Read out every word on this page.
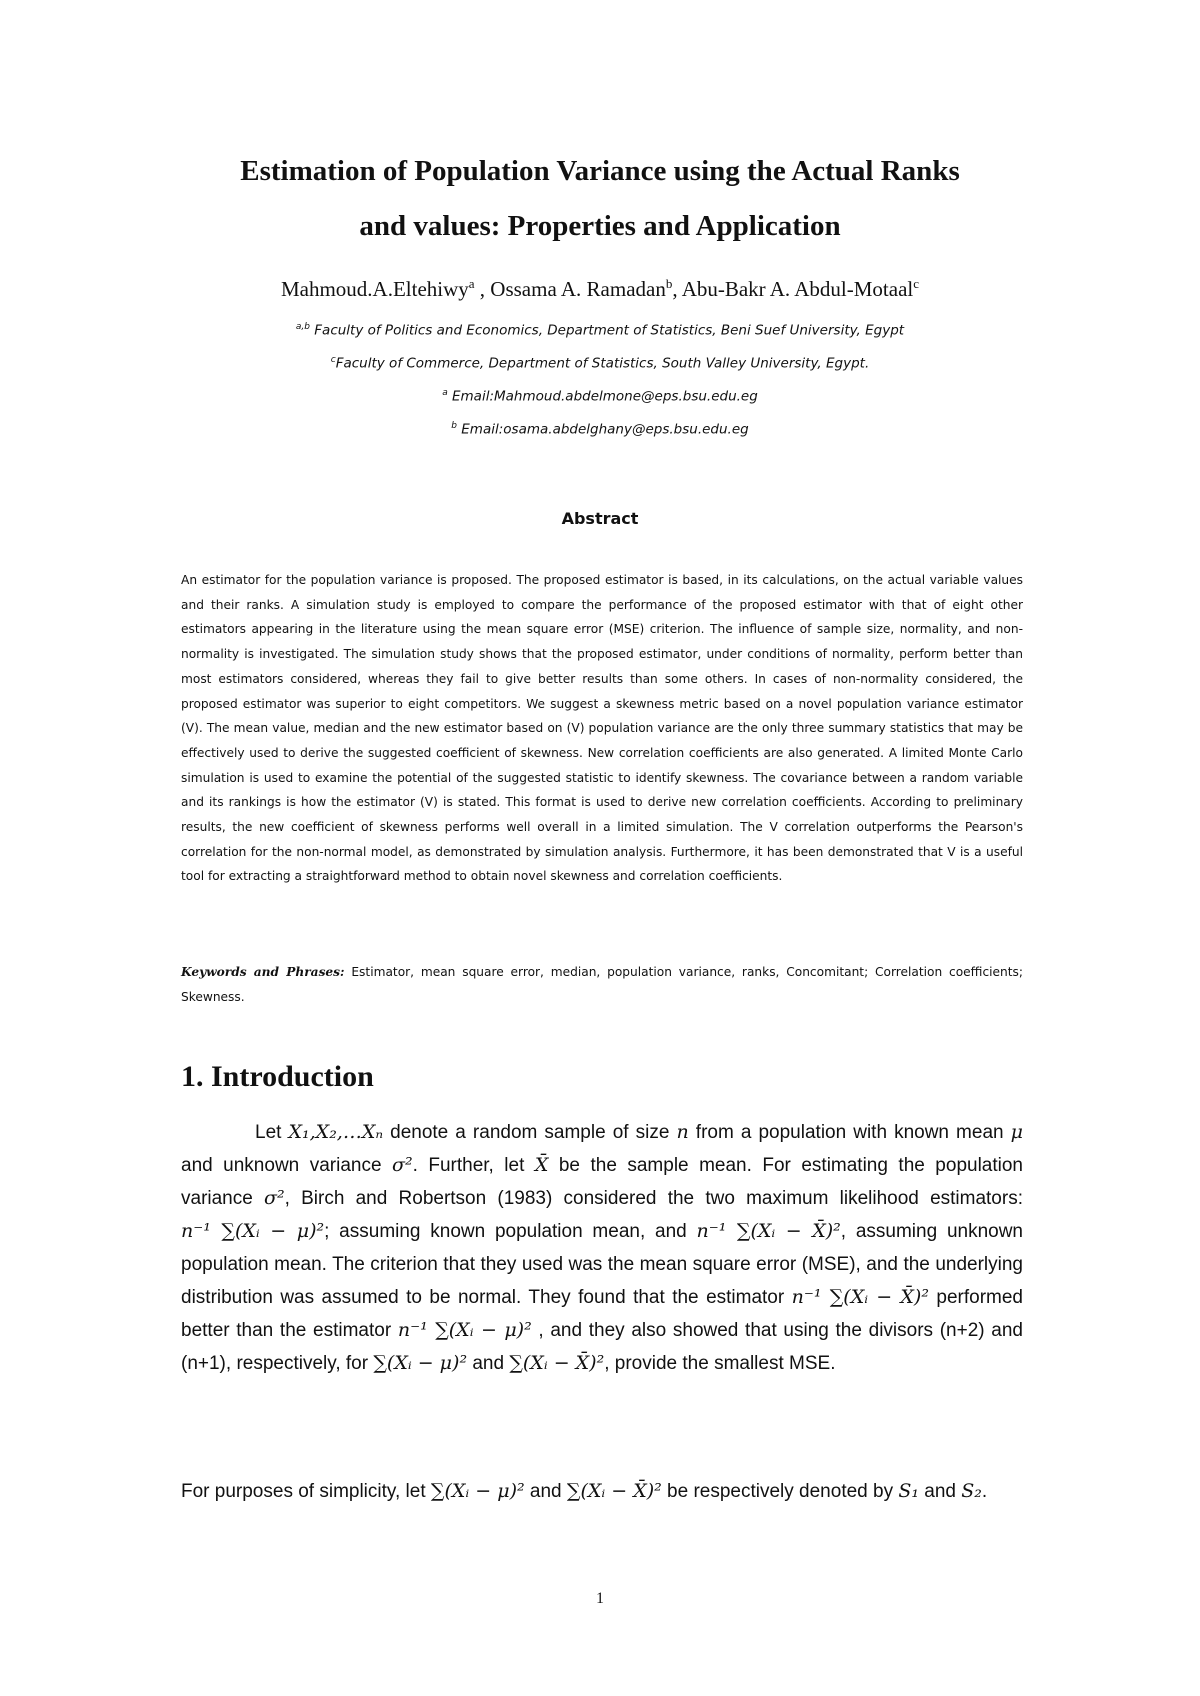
Estimation of Population Variance using the Actual Ranks
and values: Properties and Application

Mahmoud.A.Eltehiwy$^a$ , Ossama A. Ramadan$^b$, Abu-Bakr A. Abdul-Motaal$^c$

$^{a,b}$ Faculty of Politics and Economics, Department of Statistics, Beni Suef University, Egypt

$^c$Faculty of Commerce, Department of Statistics, South Valley University, Egypt.

$^a$ Email:Mahmoud.abdelmone@eps.bsu.edu.eg

$^b$ Email:osama.abdelghany@eps.bsu.edu.eg

Abstract

An estimator for the population variance is proposed. The proposed estimator is based, in its calculations, on the actual variable values and their ranks. A simulation study is employed to compare the performance of the proposed estimator with that of eight other estimators appearing in the literature using the mean square error (MSE) criterion. The influence of sample size, normality, and non-normality is investigated. The simulation study shows that the proposed estimator, under conditions of normality, perform better than most estimators considered, whereas they fail to give better results than some others. In cases of non-normality considered, the proposed estimator was superior to eight competitors. We suggest a skewness metric based on a novel population variance estimator (V). The mean value, median and the new estimator based on (V) population variance are the only three summary statistics that may be effectively used to derive the suggested coefficient of skewness. New correlation coefficients are also generated. A limited Monte Carlo simulation is used to examine the potential of the suggested statistic to identify skewness. The covariance between a random variable and its rankings is how the estimator (V) is stated. This format is used to derive new correlation coefficients. According to preliminary results, the new coefficient of skewness performs well overall in a limited simulation. The V correlation outperforms the Pearson's correlation for the non-normal model, as demonstrated by simulation analysis. Furthermore, it has been demonstrated that V is a useful tool for extracting a straightforward method to obtain novel skewness and correlation coefficients.

Keywords and Phrases: Estimator, mean square error, median, population variance, ranks, Concomitant; Correlation coefficients; Skewness.

1. Introduction

Let X₁,X₂,…Xₙ denote a random sample of size n from a population with known mean μ and unknown variance σ². Further, let X̄ be the sample mean. For estimating the population variance σ², Birch and Robertson (1983) considered the two maximum likelihood estimators: n⁻¹ ∑(Xᵢ − μ)²; assuming known population mean, and n⁻¹ ∑(Xᵢ − X̄)², assuming unknown population mean. The criterion that they used was the mean square error (MSE), and the underlying distribution was assumed to be normal. They found that the estimator n⁻¹ ∑(Xᵢ − X̄)² performed better than the estimator n⁻¹ ∑(Xᵢ − μ)² , and they also showed that using the divisors (n+2) and (n+1), respectively, for ∑(Xᵢ − μ)² and ∑(Xᵢ − X̄)², provide the smallest MSE.

For purposes of simplicity, let ∑(Xᵢ − μ)² and ∑(Xᵢ − X̄)² be respectively denoted by S₁ and S₂.

1
